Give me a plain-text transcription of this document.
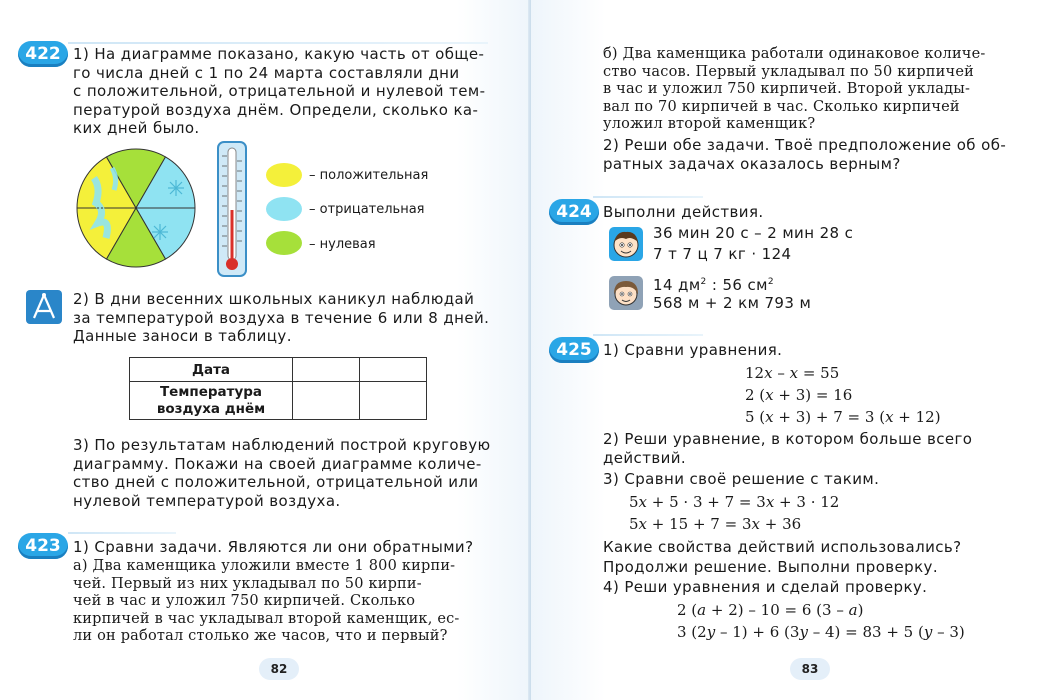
422 1) На диаграмме показано, какую часть от обще-
го числа дней с 1 по 24 марта составляли дни
с положительной, отрицательной и нулевой тем-
пературой воздуха днём. Определи, сколько ка-
ких дней было.
– положительная
– отрицательная
– нулевая
2) В дни весенних школьных каникул наблюдай
за температурой воздуха в течение 6 или 8 дней.
Данные заноси в таблицу.
Дата		
Температура
воздуха днём		
3) По результатам наблюдений построй круговую
диаграмму. Покажи на своей диаграмме количе-
ство дней с положительной, отрицательной или
нулевой температурой воздуха.
423 1) Сравни задачи. Являются ли они обратными?
а) Два каменщика уложили вместе 1 800 кирпи-
чей. Первый из них укладывал по 50 кирпи-
чей в час и уложил 750 кирпичей. Сколько
кирпичей в час укладывал второй каменщик, ес-
ли он работал столько же часов, что и первый?
82
б) Два каменщика работали одинаковое количе-
ство часов. Первый укладывал по 50 кирпичей
в час и уложил 750 кирпичей. Второй уклады-
вал по 70 кирпичей в час. Сколько кирпичей
уложил второй каменщик?
2) Реши обе задачи. Твоё предположение об об-
ратных задачах оказалось верным?
424 Выполни действия.
36 мин 20 с – 2 мин 28 с
7 т 7 ц 7 кг · 124
14 $дм^2$ : 56 $см^2$
568 м + 2 км 793 м
425 1) Сравни уравнения.
12x – x = 55
2 (x + 3) = 16
5 (x + 3) + 7 = 3 (x + 12)
2) Реши уравнение, в котором больше всего
действий.
3) Сравни своё решение с таким.
5x + 5 · 3 + 7 = 3x + 3 · 12
5x + 15 + 7 = 3x + 36
Какие свойства действий использовались?
Продолжи решение. Выполни проверку.
4) Реши уравнения и сделай проверку.
2 (a + 2) – 10 = 6 (3 – a)
3 (2y – 1) + 6 (3y – 4) = 83 + 5 (y – 3)
83
